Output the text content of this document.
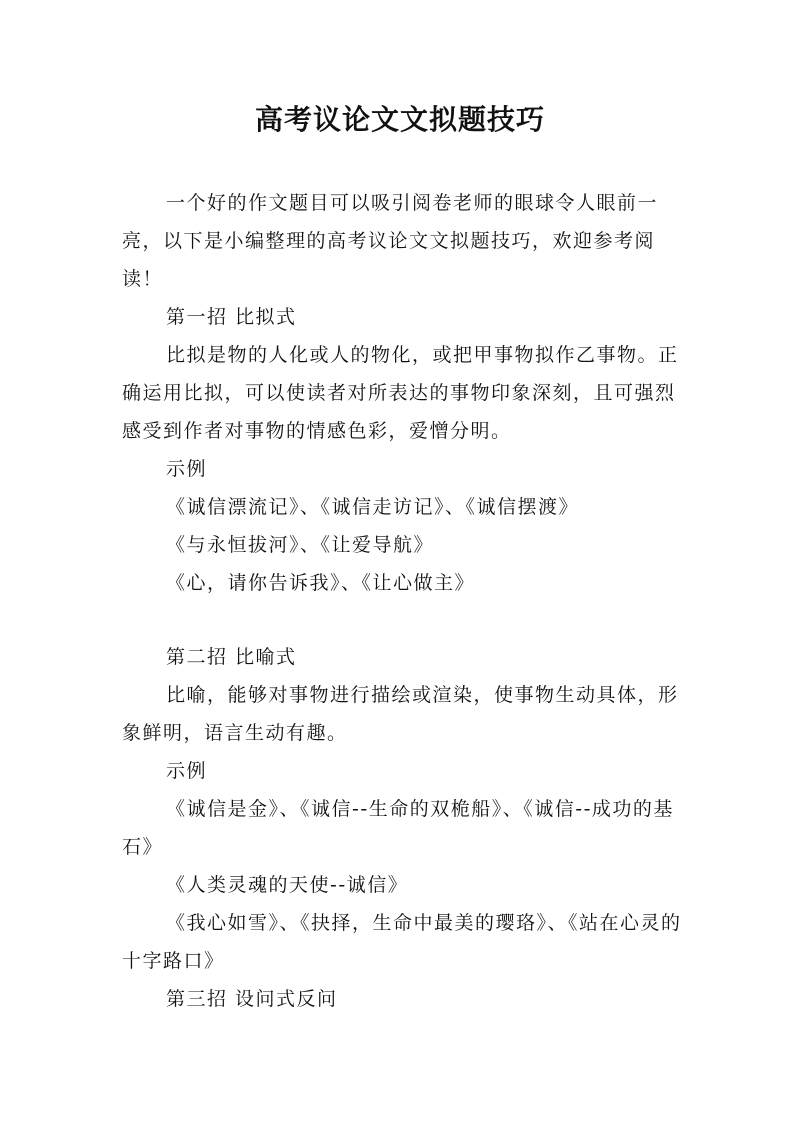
高考议论文文拟题技巧

一个好的作文题目可以吸引阅卷老师的眼球令人眼前一亮，以下是小编整理的高考议论文文拟题技巧，欢迎参考阅读！

第一招 比拟式

比拟是物的人化或人的物化，或把甲事物拟作乙事物。正确运用比拟，可以使读者对所表达的事物印象深刻，且可强烈感受到作者对事物的情感色彩，爱憎分明。

示例

《诚信漂流记》、《诚信走访记》、《诚信摆渡》

《与永恒拔河》、《让爱导航》

《心，请你告诉我》、《让心做主》

第二招 比喻式

比喻，能够对事物进行描绘或渲染，使事物生动具体，形象鲜明，语言生动有趣。

示例

《诚信是金》、《诚信--生命的双桅船》、《诚信--成功的基石》

《人类灵魂的天使--诚信》

《我心如雪》、《抉择，生命中最美的璎珞》、《站在心灵的十字路口》

第三招 设问式反问
